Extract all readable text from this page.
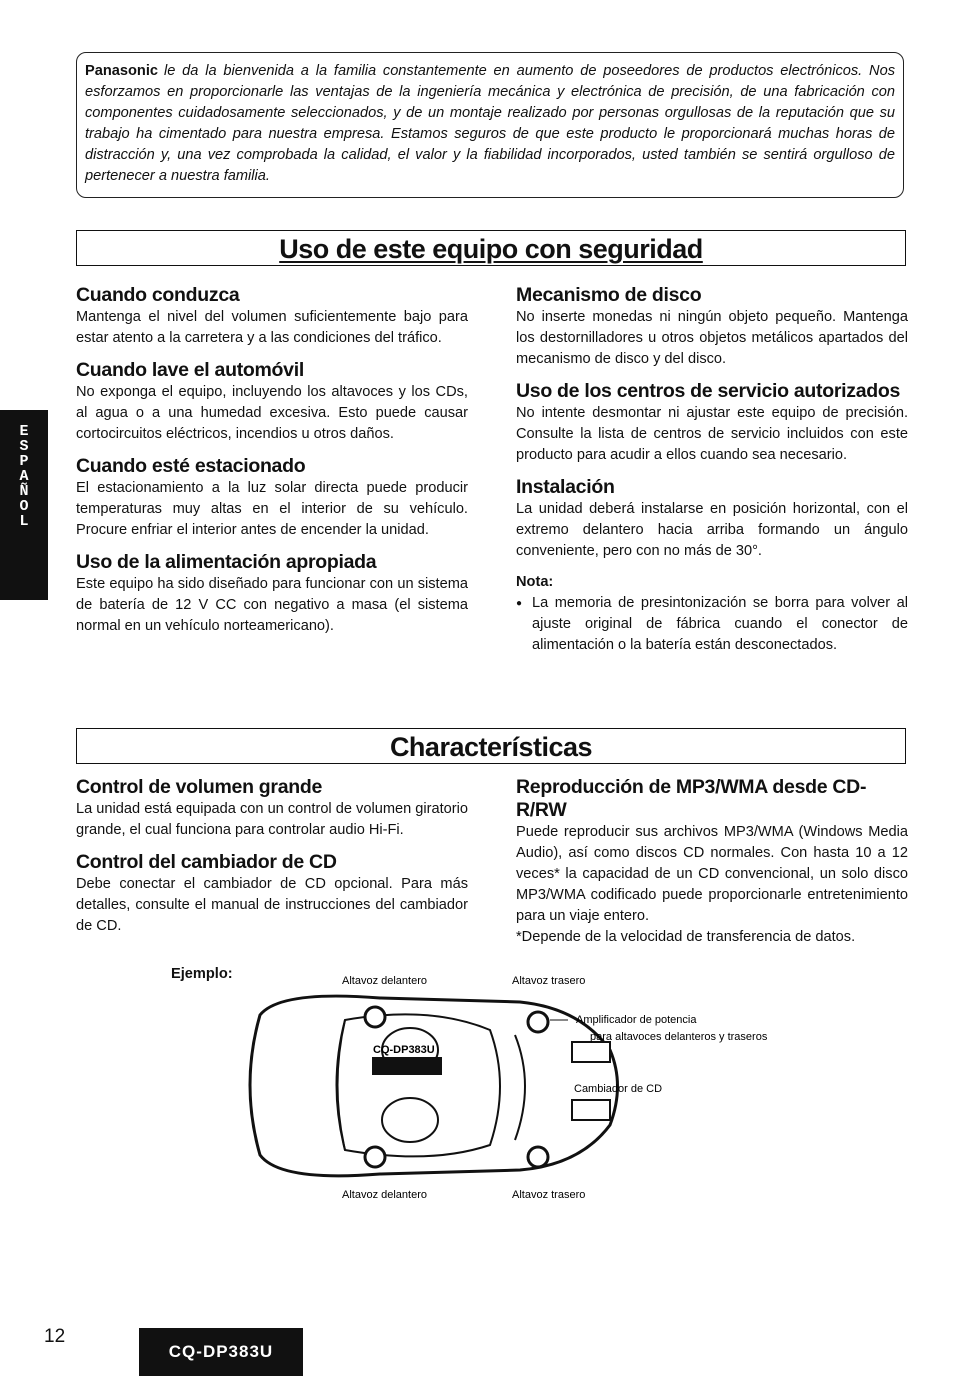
Panasonic le da la bienvenida a la familia constantemente en aumento de poseedores de productos electrónicos. Nos esforzamos en proporcionarle las ventajas de la ingeniería mecánica y electrónica de precisión, de una fabricación con componentes cuidadosamente seleccionados, y de un montaje realizado por personas orgullosas de la reputación que su trabajo ha cimentado para nuestra empresa. Estamos seguros de que este producto le proporcionará muchas horas de distracción y, una vez comprobada la calidad, el valor y la fiabilidad incorporados, usted también se sentirá orgulloso de pertenecer a nuestra familia.
E
S
P
A
Ñ
O
L
Uso de este equipo con seguridad
Cuando conduzca

Mantenga el nivel del volumen suficientemente bajo para estar atento a la carretera y a las condiciones del tráfico.

Cuando lave el automóvil

No exponga el equipo, incluyendo los altavoces y los CDs, al agua o a una humedad excesiva. Esto puede causar cortocircuitos eléctricos, incendios u otros daños.

Cuando esté estacionado

El estacionamiento a la luz solar directa puede producir temperaturas muy altas en el interior de su vehículo. Procure enfriar el interior antes de encender la unidad.

Uso de la alimentación apropiada

Este equipo ha sido diseñado para funcionar con un sistema de batería de 12 V CC con negativo a masa (el sistema normal en un vehículo norteamericano).

Mecanismo de disco

No inserte monedas ni ningún objeto pequeño. Mantenga los destornilladores u otros objetos metálicos apartados del mecanismo de disco y del disco.

Uso de los centros de servicio autorizados

No intente desmontar ni ajustar este equipo de precisión. Consulte la lista de centros de servicio incluidos con este producto para acudir a ellos cuando sea necesario.

Instalación

La unidad deberá instalarse en posición horizontal, con el extremo delantero hacia arriba formando un ángulo conveniente, pero con no más de 30°.

Nota:

● La memoria de presintonización se borra para volver al ajuste original de fábrica cuando el conector de alimentación o la batería están desconectados.

Characterísticas
Control de volumen grande

La unidad está equipada con un control de volumen giratorio grande, el cual funciona para controlar audio Hi-Fi.

Control del cambiador de CD

Debe conectar el cambiador de CD opcional. Para más detalles, consulte el manual de instrucciones del cambiador de CD.

Reproducción de MP3/WMA desde CD-R/RW

Puede reproducir sus archivos MP3/WMA (Windows Media Audio), así como discos CD normales. Con hasta 10 a 12 veces* la capacidad de un CD convencional, un solo disco MP3/WMA codificado puede proporcionarle entretenimiento para un viaje entero.

*Depende de la velocidad de transferencia de datos.

Ejemplo:	Altavoz delantero	Altavoz trasero
Altavoz delantero	Altavoz trasero
Amplificador de potencia
para altavoces delanteros y traseros
Cambiador de CD
CQ-DP383U
12
CQ-DP383U
